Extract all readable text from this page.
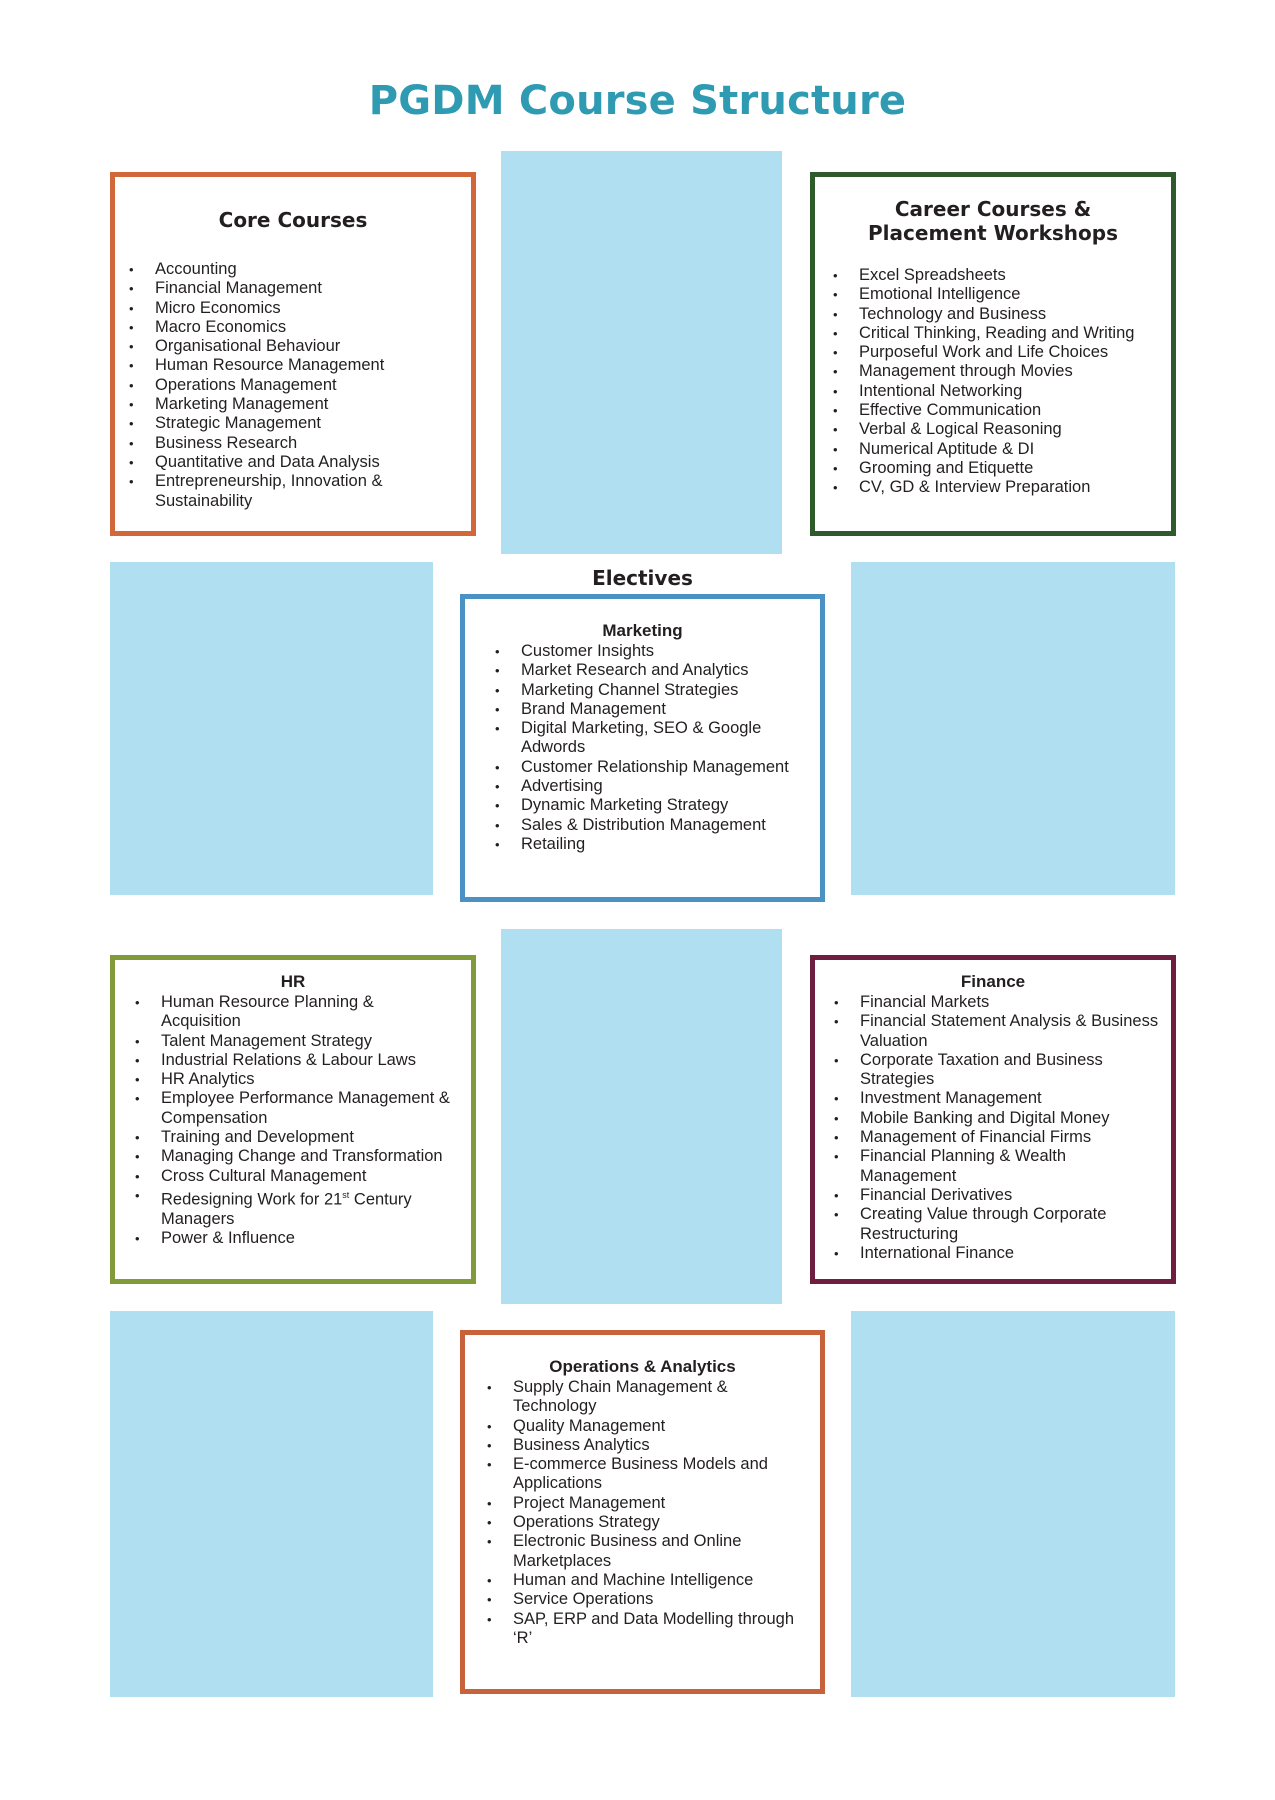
PGDM Course Structure
Core Courses
• Accounting
• Financial Management
• Micro Economics
• Macro Economics
• Organisational Behaviour
• Human Resource Management
• Operations Management
• Marketing Management
• Strategic Management
• Business Research
• Quantitative and Data Analysis
• Entrepreneurship, Innovation & Sustainability
Career Courses &
Placement Workshops
• Excel Spreadsheets
• Emotional Intelligence
• Technology and Business
• Critical Thinking, Reading and Writing
• Purposeful Work and Life Choices
• Management through Movies
• Intentional Networking
• Effective Communication
• Verbal & Logical Reasoning
• Numerical Aptitude & DI
• Grooming and Etiquette
• CV, GD & Interview Preparation
Electives
Marketing
• Customer Insights
• Market Research and Analytics
• Marketing Channel Strategies
• Brand Management
• Digital Marketing, SEO & Google Adwords
• Customer Relationship Management
• Advertising
• Dynamic Marketing Strategy
• Sales & Distribution Management
• Retailing
HR
• Human Resource Planning & Acquisition
• Talent Management Strategy
• Industrial Relations & Labour Laws
• HR Analytics
• Employee Performance Management & Compensation
• Training and Development
• Managing Change and Transformation
• Cross Cultural Management
• Redesigning Work for 21st Century Managers
• Power & Influence
Finance
• Financial Markets
• Financial Statement Analysis & Business Valuation
• Corporate Taxation and Business Strategies
• Investment Management
• Mobile Banking and Digital Money
• Management of Financial Firms
• Financial Planning & Wealth Management
• Financial Derivatives
• Creating Value through Corporate Restructuring
• International Finance
Operations & Analytics
• Supply Chain Management & Technology
• Quality Management
• Business Analytics
• E-commerce Business Models and Applications
• Project Management
• Operations Strategy
• Electronic Business and Online Marketplaces
• Human and Machine Intelligence
• Service Operations
• SAP, ERP and Data Modelling through ‘R’
